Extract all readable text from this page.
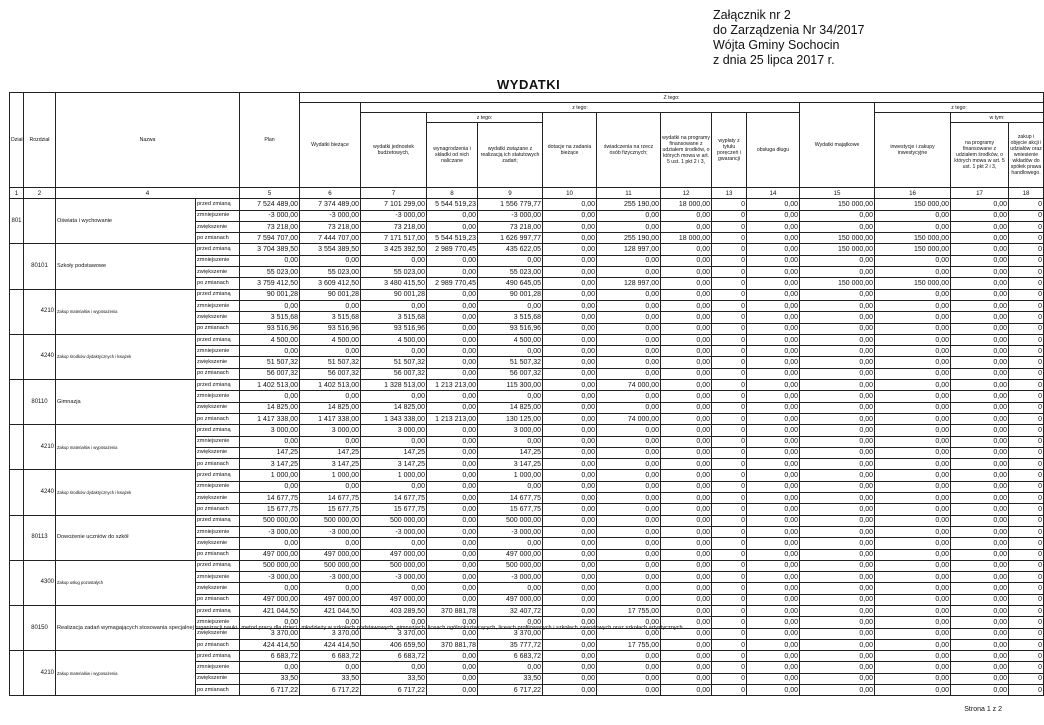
Załącznik nr 2
do Zarządzenia Nr 34/2017
Wójta Gminy Sochocin
z dnia 25 lipca 2017 r.
WYDATKI
Dział	Rozdział	Nazwa		Plan	Z tego:												
					Wydatki bieżące	z tego:								Wydatki majątkowe	z tego:		
						wydatki jednostek budżetowych,	z tego:		dotacje na zadania bieżące	świadczenia na rzecz osób fizycznych;	wydatki na programy finansowane z udziałem środków, o których mowa w art. 5 ust. 1 pkt 2 i 3,	wypłaty z tytułu poręczeń i gwarancji	obsługa długu		inwestycje i zakupy inwestycyjne	w tym:	
							wynagrodzenia i składki od nich naliczane	wydatki związane z realizacją ich statutowych zadań;								na programy finansowane z udziałem środków, o których mowa w art. 5 ust. 1 pkt 2 i 3,	zakup i objęcie akcji i udziałów oraz wniesienie wkładów do spółek prawa handlowego.
1	2	4		5	6	7	8	9	10	11	12	13	14	15	16	17	18
801		Oświata i wychowanie	przed zmianą	7 524 489,00	7 374 489,00	7 101 299,00	5 544 519,23	1 556 779,77	0,00	255 190,00	18 000,00	0	0,00	150 000,00	150 000,00	0,00	0
			zmniejszenie	-3 000,00	-3 000,00	-3 000,00	0,00	-3 000,00	0,00	0,00	0,00	0	0,00	0,00	0,00	0,00	0
			zwiększenie	73 218,00	73 218,00	73 218,00	0,00	73 218,00	0,00	0,00	0,00	0	0,00	0,00	0,00	0,00	0
			po zmianach	7 594 707,00	7 444 707,00	7 171 517,00	5 544 519,23	1 626 997,77	0,00	255 190,00	18 000,00	0	0,00	150 000,00	150 000,00	0,00	0
	80101	Szkoły podstawowe	przed zmianą	3 704 389,50	3 554 389,50	3 425 392,50	2 989 770,45	435 622,05	0,00	128 997,00	0,00	0	0,00	150 000,00	150 000,00	0,00	0
			zmniejszenie	0,00	0,00	0,00	0,00	0,00	0,00	0,00	0,00	0	0,00	0,00	0,00	0,00	0
			zwiększenie	55 023,00	55 023,00	55 023,00	0,00	55 023,00	0,00	0,00	0,00	0	0,00	0,00	0,00	0,00	0
			po zmianach	3 759 412,50	3 609 412,50	3 480 415,50	2 989 770,45	490 645,05	0,00	128 997,00	0,00	0	0,00	150 000,00	150 000,00	0,00	0
	4210	Zakup materiałów i wyposażenia	przed zmianą	90 001,28	90 001,28	90 001,28	0,00	90 001,28	0,00	0,00	0,00	0	0,00	0,00	0,00	0,00	0
			zmniejszenie	0,00	0,00	0,00	0,00	0,00	0,00	0,00	0,00	0	0,00	0,00	0,00	0,00	0
			zwiększenie	3 515,68	3 515,68	3 515,68	0,00	3 515,68	0,00	0,00	0,00	0	0,00	0,00	0,00	0,00	0
			po zmianach	93 516,96	93 516,96	93 516,96	0,00	93 516,96	0,00	0,00	0,00	0	0,00	0,00	0,00	0,00	0
	4240	Zakup środków dydaktycznych i książek	przed zmianą	4 500,00	4 500,00	4 500,00	0,00	4 500,00	0,00	0,00	0,00	0	0,00	0,00	0,00	0,00	0
			zmniejszenie	0,00	0,00	0,00	0,00	0,00	0,00	0,00	0,00	0	0,00	0,00	0,00	0,00	0
			zwiększenie	51 507,32	51 507,32	51 507,32	0,00	51 507,32	0,00	0,00	0,00	0	0,00	0,00	0,00	0,00	0
			po zmianach	56 007,32	56 007,32	56 007,32	0,00	56 007,32	0,00	0,00	0,00	0	0,00	0,00	0,00	0,00	0
	80110	Gimnazja	przed zmianą	1 402 513,00	1 402 513,00	1 328 513,00	1 213 213,00	115 300,00	0,00	74 000,00	0,00	0	0,00	0,00	0,00	0,00	0
			zmniejszenie	0,00	0,00	0,00	0,00	0,00	0,00	0,00	0,00	0	0,00	0,00	0,00	0,00	0
			zwiększenie	14 825,00	14 825,00	14 825,00	0,00	14 825,00	0,00	0,00	0,00	0	0,00	0,00	0,00	0,00	0
			po zmianach	1 417 338,00	1 417 338,00	1 343 338,00	1 213 213,00	130 125,00	0,00	74 000,00	0,00	0	0,00	0,00	0,00	0,00	0
	4210	Zakup materiałów i wyposażenia	przed zmianą	3 000,00	3 000,00	3 000,00	0,00	3 000,00	0,00	0,00	0,00	0	0,00	0,00	0,00	0,00	0
			zmniejszenie	0,00	0,00	0,00	0,00	0,00	0,00	0,00	0,00	0	0,00	0,00	0,00	0,00	0
			zwiększenie	147,25	147,25	147,25	0,00	147,25	0,00	0,00	0,00	0	0,00	0,00	0,00	0,00	0
			po zmianach	3 147,25	3 147,25	3 147,25	0,00	3 147,25	0,00	0,00	0,00	0	0,00	0,00	0,00	0,00	0
	4240	Zakup środków dydaktycznych i książek	przed zmianą	1 000,00	1 000,00	1 000,00	0,00	1 000,00	0,00	0,00	0,00	0	0,00	0,00	0,00	0,00	0
			zmniejszenie	0,00	0,00	0,00	0,00	0,00	0,00	0,00	0,00	0	0,00	0,00	0,00	0,00	0
			zwiększenie	14 677,75	14 677,75	14 677,75	0,00	14 677,75	0,00	0,00	0,00	0	0,00	0,00	0,00	0,00	0
			po zmianach	15 677,75	15 677,75	15 677,75	0,00	15 677,75	0,00	0,00	0,00	0	0,00	0,00	0,00	0,00	0
	80113	Dowożenie uczniów do szkół	przed zmianą	500 000,00	500 000,00	500 000,00	0,00	500 000,00	0,00	0,00	0,00	0	0,00	0,00	0,00	0,00	0
			zmniejszenie	-3 000,00	-3 000,00	-3 000,00	0,00	-3 000,00	0,00	0,00	0,00	0	0,00	0,00	0,00	0,00	0
			zwiększenie	0,00	0,00	0,00	0,00	0,00	0,00	0,00	0,00	0	0,00	0,00	0,00	0,00	0
			po zmianach	497 000,00	497 000,00	497 000,00	0,00	497 000,00	0,00	0,00	0,00	0	0,00	0,00	0,00	0,00	0
	4300	Zakup usług pozostałych	przed zmianą	500 000,00	500 000,00	500 000,00	0,00	500 000,00	0,00	0,00	0,00	0	0,00	0,00	0,00	0,00	0
			zmniejszenie	-3 000,00	-3 000,00	-3 000,00	0,00	-3 000,00	0,00	0,00	0,00	0	0,00	0,00	0,00	0,00	0
			zwiększenie	0,00	0,00	0,00	0,00	0,00	0,00	0,00	0,00	0	0,00	0,00	0,00	0,00	0
			po zmianach	497 000,00	497 000,00	497 000,00	0,00	497 000,00	0,00	0,00	0,00	0	0,00	0,00	0,00	0,00	0
	80150	Realizacja zadań wymagających stosowania specjalnej organizacji nauki i metod pracy dla dzieci i młodzieży w szkołach podstawowych, gimnazjach, liceach ogólnokształcących, liceach profilowanych i szkołach zawodowych oraz szkołach artystycznych	przed zmianą	421 044,50	421 044,50	403 289,50	370 881,78	32 407,72	0,00	17 755,00	0,00	0	0,00	0,00	0,00	0,00	0
			zmniejszenie	0,00	0,00	0,00	0,00	0,00	0,00	0,00	0,00	0	0,00	0,00	0,00	0,00	0
			zwiększenie	3 370,00	3 370,00	3 370,00	0,00	3 370,00	0,00	0,00	0,00	0	0,00	0,00	0,00	0,00	0
			po zmianach	424 414,50	424 414,50	406 659,50	370 881,78	35 777,72	0,00	17 755,00	0,00	0	0,00	0,00	0,00	0,00	0
	4210	Zakup materiałów i wyposażenia	przed zmianą	6 683,72	6 683,72	6 683,72	0,00	6 683,72	0,00	0,00	0,00	0	0,00	0,00	0,00	0,00	0
			zmniejszenie	0,00	0,00	0,00	0,00	0,00	0,00	0,00	0,00	0	0,00	0,00	0,00	0,00	0
			zwiększenie	33,50	33,50	33,50	0,00	33,50	0,00	0,00	0,00	0	0,00	0,00	0,00	0,00	0
			po zmianach	6 717,22	6 717,22	6 717,22	0,00	6 717,22	0,00	0,00	0,00	0	0,00	0,00	0,00	0,00	0
Strona 1 z 2
